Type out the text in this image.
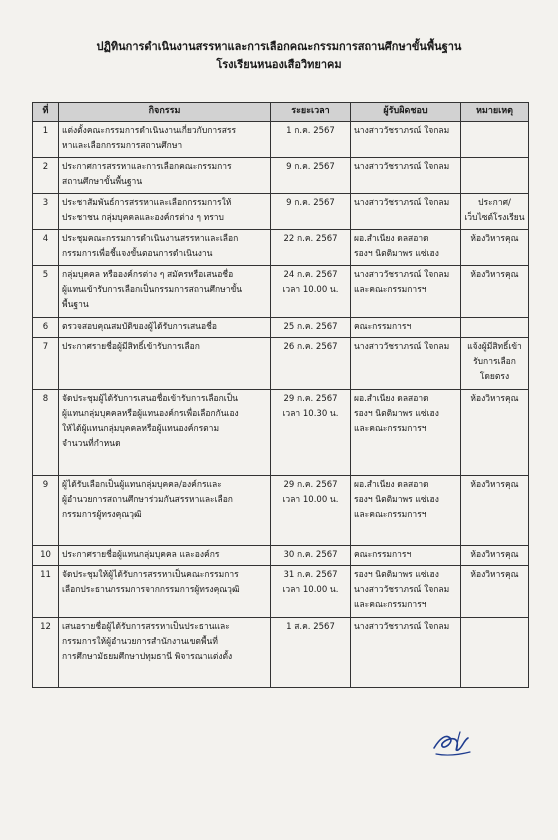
ปฏิทินการดำเนินงานสรรหาและการเลือกคณะกรรมการสถานศึกษาขั้นพื้นฐาน
โรงเรียนหนองเสือวิทยาคม
ที่	กิจกรรม	ระยะเวลา	ผู้รับผิดชอบ	หมายเหตุ
1	แต่งตั้งคณะกรรมการดำเนินงานเกี่ยวกับการสรร
หาและเลือกกรรมการสถานศึกษา	1 ก.ค. 2567	นางสาววัชราภรณ์ ใจกลม	

2	ประกาศการสรรหาและการเลือกคณะกรรมการ
สถานศึกษาขั้นพื้นฐาน	9 ก.ค. 2567	นางสาววัชราภรณ์ ใจกลม	

3	ประชาสัมพันธ์การสรรหาและเลือกกรรมการให้
ประชาชน กลุ่มบุคคลและองค์กรต่าง ๆ ทราบ	9 ก.ค. 2567	นางสาววัชราภรณ์ ใจกลม	ประกาศ/
เว็บไซต์โรงเรียน

4	ประชุมคณะกรรมการดำเนินงานสรรหาและเลือก
กรรมการเพื่อชี้แจงขั้นตอนการดำเนินงาน	22 ก.ค. 2567	ผอ.สำเนียง ดลสอาด
รองฯ นิตติมาพร แซ่เฮง	ห้องวิหารคุณ

5	กลุ่มบุคคล หรือองค์กรต่าง ๆ สมัครหรือเสนอชื่อ
ผู้แทนเข้ารับการเลือกเป็นกรรมการสถานศึกษาขั้น
พื้นฐาน	24 ก.ค. 2567
เวลา 10.00 น.	นางสาววัชราภรณ์ ใจกลม
และคณะกรรมการฯ	ห้องวิหารคุณ

6	ตรวจสอบคุณสมบัติของผู้ได้รับการเสนอชื่อ	25 ก.ค. 2567	คณะกรรมการฯ	

7	ประกาศรายชื่อผู้มีสิทธิ์เข้ารับการเลือก	26 ก.ค. 2567	นางสาววัชราภรณ์ ใจกลม	แจ้งผู้มีสิทธิ์เข้า
รับการเลือก
โดยตรง

8	จัดประชุมผู้ได้รับการเสนอชื่อเข้ารับการเลือกเป็น
ผู้แทนกลุ่มบุคคลหรือผู้แทนองค์กรเพื่อเลือกกันเอง
ให้ได้ผู้แทนกลุ่มบุคคลหรือผู้แทนองค์กรตาม
จำนวนที่กำหนด	29 ก.ค. 2567
เวลา 10.30 น.	ผอ.สำเนียง ดลสอาด
รองฯ นิตติมาพร แซ่เฮง
และคณะกรรมการฯ	ห้องวิหารคุณ

9	ผู้ได้รับเลือกเป็นผู้แทนกลุ่มบุคคล/องค์กรและ
ผู้อำนวยการสถานศึกษาร่วมกันสรรหาและเลือก
กรรมการผู้ทรงคุณวุฒิ	29 ก.ค. 2567
เวลา 10.00 น.	ผอ.สำเนียง ดลสอาด
รองฯ นิตติมาพร แซ่เฮง
และคณะกรรมการฯ	ห้องวิหารคุณ

10	ประกาศรายชื่อผู้แทนกลุ่มบุคคล และองค์กร	30 ก.ค. 2567	คณะกรรมการฯ	ห้องวิหารคุณ

11	จัดประชุมให้ผู้ได้รับการสรรหาเป็นคณะกรรมการ
เลือกประธานกรรมการจากกรรมการผู้ทรงคุณวุฒิ	31 ก.ค. 2567
เวลา 10.00 น.	รองฯ นิตติมาพร แซ่เฮง
นางสาววัชราภรณ์ ใจกลม
และคณะกรรมการฯ	ห้องวิหารคุณ

12	เสนอรายชื่อผู้ได้รับการสรรหาเป็นประธานและ
กรรมการให้ผู้อำนวยการสำนักงานเขตพื้นที่
การศึกษามัธยมศึกษาปทุมธานี พิจารณาแต่งตั้ง	1 ส.ค. 2567	นางสาววัชราภรณ์ ใจกลม	
